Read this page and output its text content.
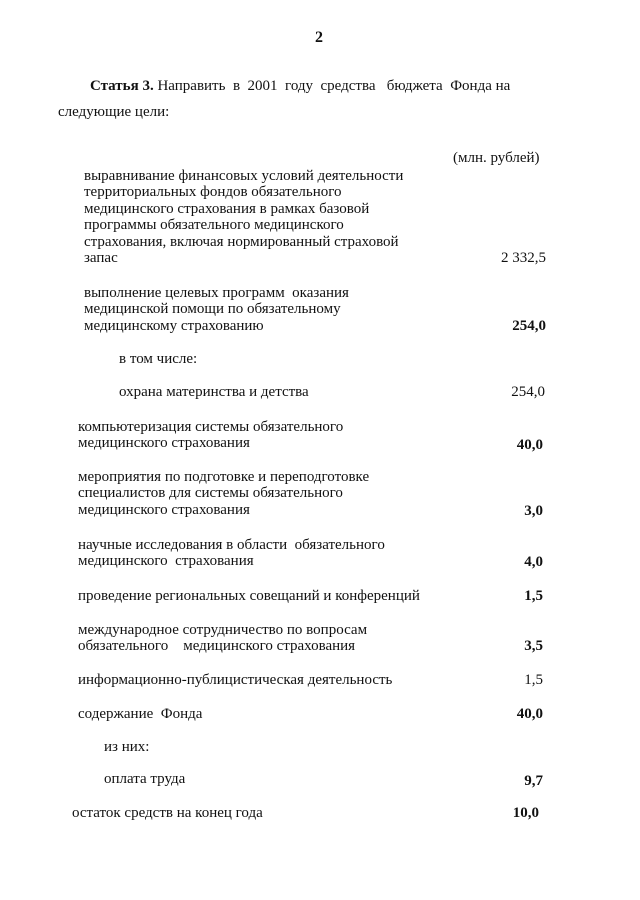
2
Статья 3. Направить  в  2001  году  средства   бюджета  Фонда на
следующие цели:
(млн. рублей)
выравнивание финансовых условий деятельности
территориальных фондов обязательного
медицинского страхования в рамках базовой
программы обязательного медицинского
страхования, включая нормированный страховой
запас	2 332,5
выполнение целевых программ  оказания
медицинской помощи по обязательному
медицинскому страхованию	254,0
в том числе:
охрана материнства и детства	254,0
компьютеризация системы обязательного
медицинского страхования	40,0
мероприятия по подготовке и переподготовке
специалистов для системы обязательного
медицинского страхования	3,0
научные исследования в области  обязательного
медицинского  страхования	4,0
проведение региональных совещаний и конференций	1,5
международное сотрудничество по вопросам
обязательного    медицинского страхования	3,5
информационно-публицистическая деятельность	1,5
содержание  Фонда	40,0
из них:
оплата труда	9,7
остаток средств на конец года	10,0
